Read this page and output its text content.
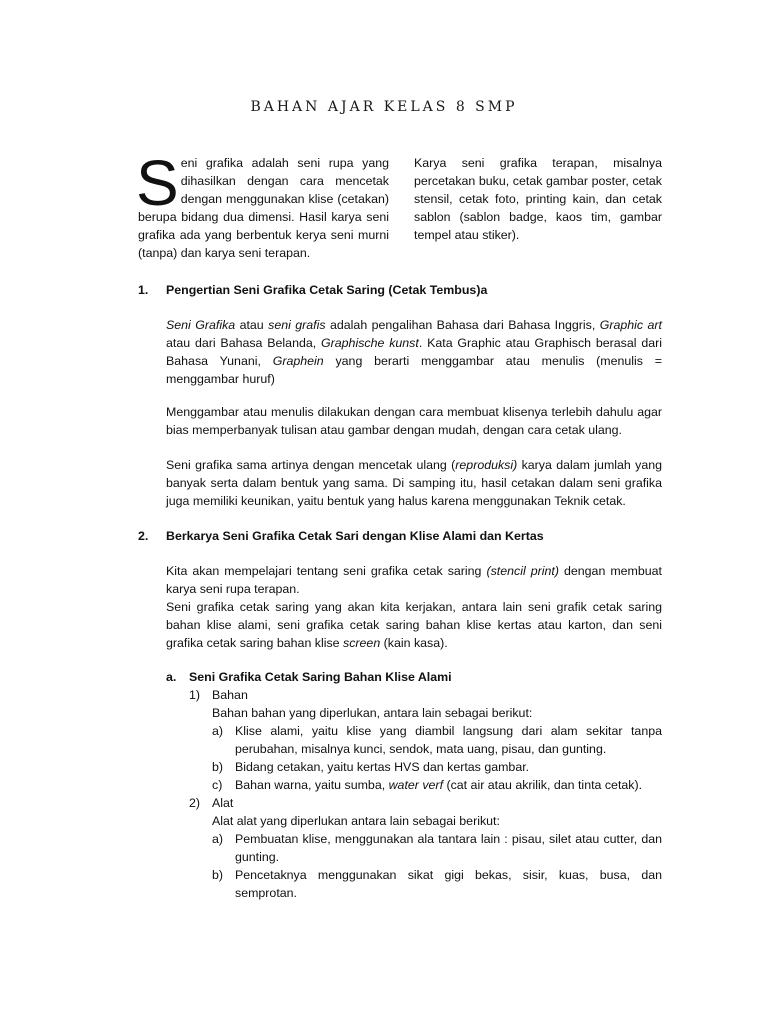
BAHAN AJAR KELAS 8 SMP
Seni grafika adalah seni rupa yang dihasilkan dengan cara mencetak dengan menggunakan klise (cetakan) berupa bidang dua dimensi. Hasil karya seni grafika ada yang berbentuk kerya seni murni (tanpa) dan karya seni terapan.
Karya seni grafika terapan, misalnya percetakan buku, cetak gambar poster, cetak stensil, cetak foto, printing kain, dan cetak sablon (sablon badge, kaos tim, gambar tempel atau stiker).
1. Pengertian Seni Grafika Cetak Saring (Cetak Tembus)a
Seni Grafika atau seni grafis adalah pengalihan Bahasa dari Bahasa Inggris, Graphic art atau dari Bahasa Belanda, Graphische kunst. Kata Graphic atau Graphisch berasal dari Bahasa Yunani, Graphein yang berarti menggambar atau menulis (menulis = menggambar huruf)
Menggambar atau menulis dilakukan dengan cara membuat klisenya terlebih dahulu agar bias memperbanyak tulisan atau gambar dengan mudah, dengan cara cetak ulang.
Seni grafika sama artinya dengan mencetak ulang (reproduksi) karya dalam jumlah yang banyak serta dalam bentuk yang sama. Di samping itu, hasil cetakan dalam seni grafika juga memiliki keunikan, yaitu bentuk yang halus karena menggunakan Teknik cetak.
2. Berkarya Seni Grafika Cetak Sari dengan Klise Alami dan Kertas
Kita akan mempelajari tentang seni grafika cetak saring (stencil print) dengan membuat karya seni rupa terapan.
Seni grafika cetak saring yang akan kita kerjakan, antara lain seni grafik cetak saring bahan klise alami, seni grafika cetak saring bahan klise kertas atau karton, dan seni grafika cetak saring bahan klise screen (kain kasa).
a. Seni Grafika Cetak Saring Bahan Klise Alami
1) Bahan
Bahan bahan yang diperlukan, antara lain sebagai berikut:
a) Klise alami, yaitu klise yang diambil langsung dari alam sekitar tanpa perubahan, misalnya kunci, sendok, mata uang, pisau, dan gunting.
b) Bidang cetakan, yaitu kertas HVS dan kertas gambar.
c) Bahan warna, yaitu sumba, water verf (cat air atau akrilik, dan tinta cetak).
2) Alat
Alat alat yang diperlukan antara lain sebagai berikut:
a) Pembuatan klise, menggunakan ala tantara lain : pisau, silet atau cutter, dan gunting.
b) Pencetaknya menggunakan sikat gigi bekas, sisir, kuas, busa, dan semprotan.
